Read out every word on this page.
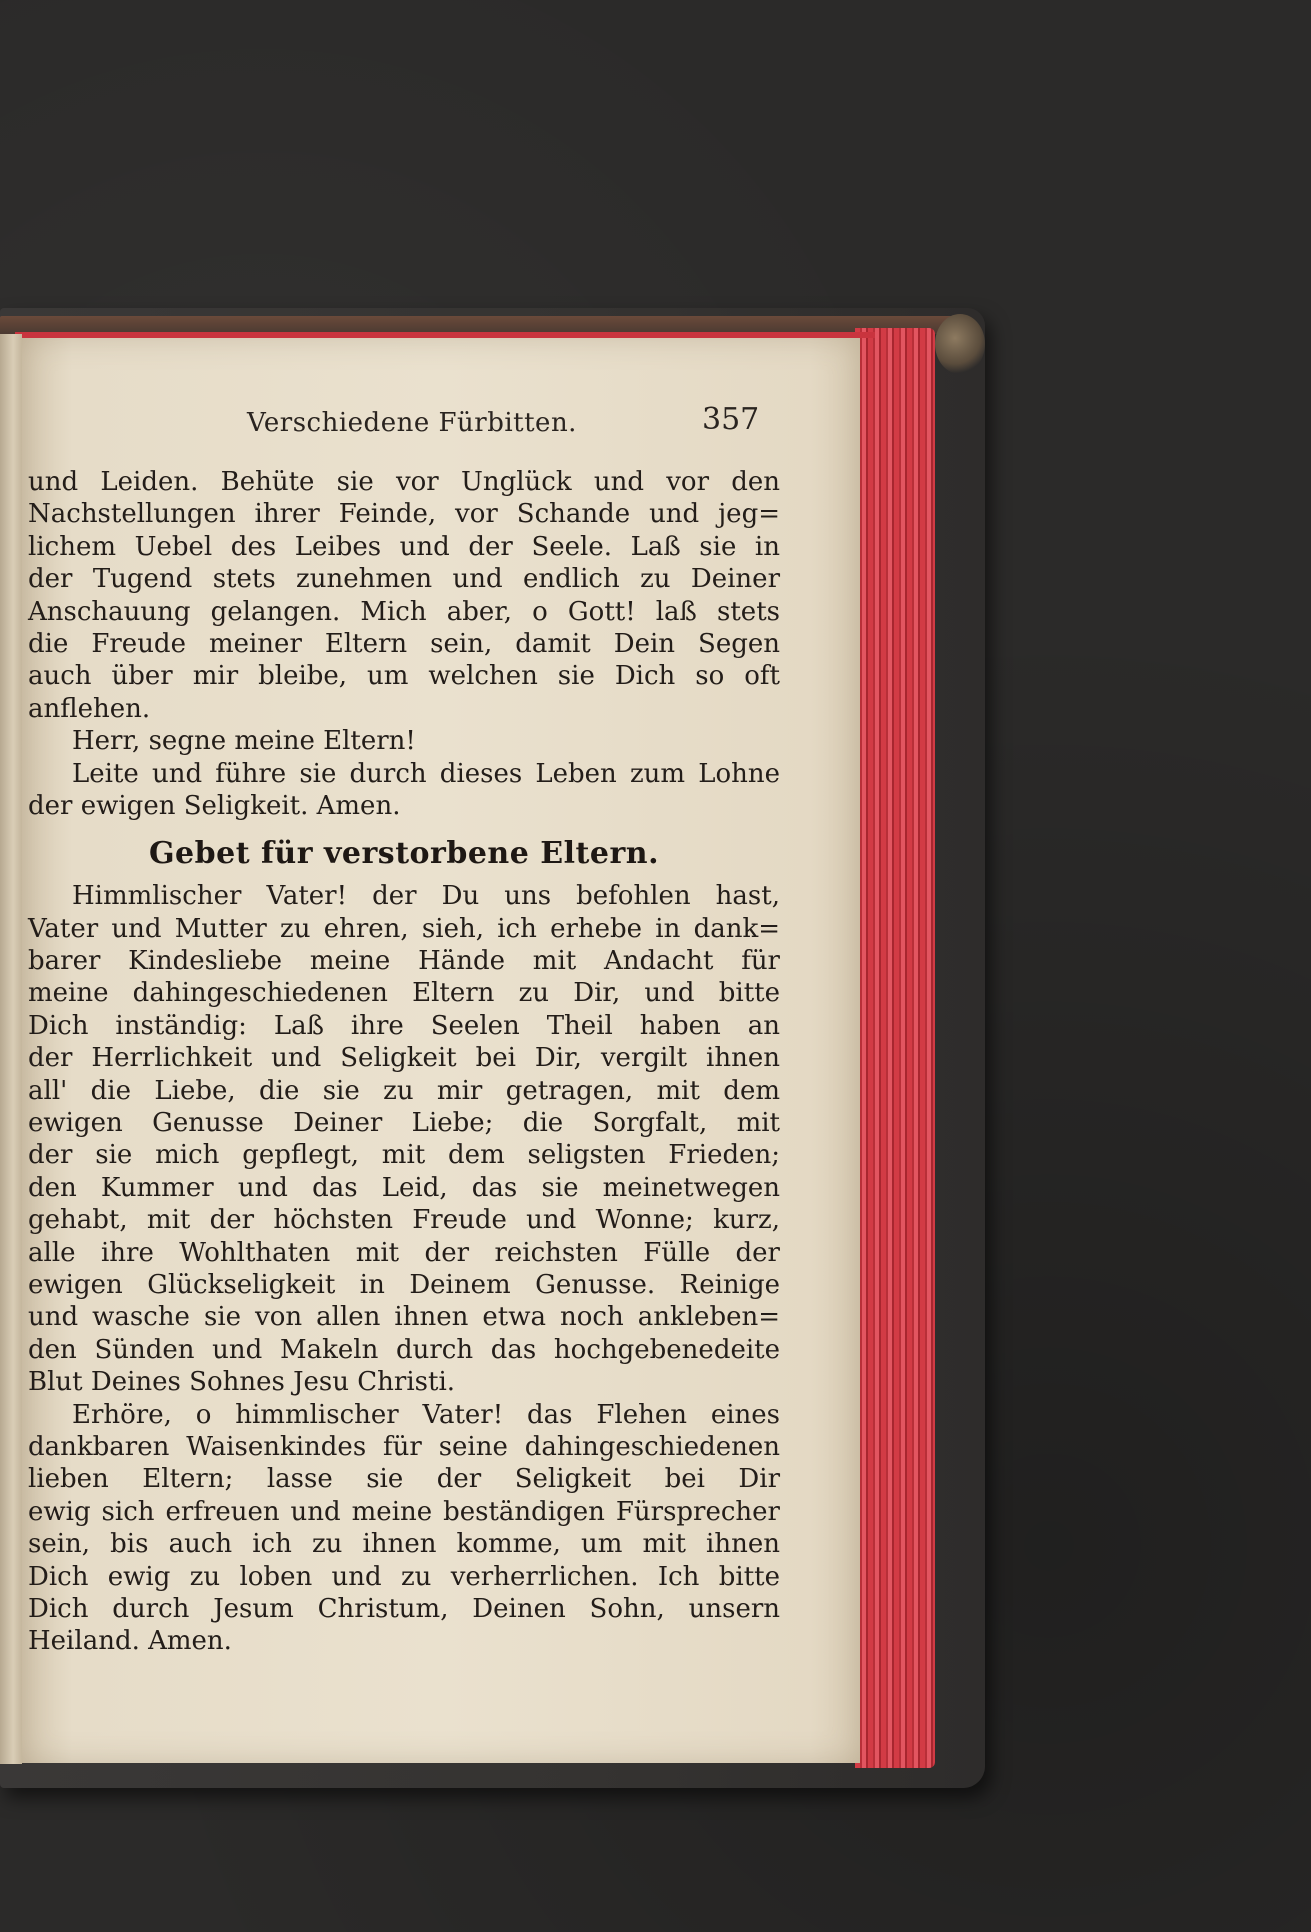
Verschiedene Fürbitten.	357
und Leiden. Behüte sie vor Unglück und vor den
Nachstellungen ihrer Feinde, vor Schande und jeg=
lichem Uebel des Leibes und der Seele. Laß sie in
der Tugend stets zunehmen und endlich zu Deiner
Anschauung gelangen. Mich aber, o Gott! laß stets
die Freude meiner Eltern sein, damit Dein Segen
auch über mir bleibe, um welchen sie Dich so oft
anflehen.
Herr, segne meine Eltern!
Leite und führe sie durch dieses Leben zum Lohne
der ewigen Seligkeit. Amen.
Gebet für verstorbene Eltern.
Himmlischer Vater! der Du uns befohlen hast,
Vater und Mutter zu ehren, sieh, ich erhebe in dank=
barer Kindesliebe meine Hände mit Andacht für
meine dahingeschiedenen Eltern zu Dir, und bitte
Dich inständig: Laß ihre Seelen Theil haben an
der Herrlichkeit und Seligkeit bei Dir, vergilt ihnen
all' die Liebe, die sie zu mir getragen, mit dem
ewigen Genusse Deiner Liebe; die Sorgfalt, mit
der sie mich gepflegt, mit dem seligsten Frieden;
den Kummer und das Leid, das sie meinetwegen
gehabt, mit der höchsten Freude und Wonne; kurz,
alle ihre Wohlthaten mit der reichsten Fülle der
ewigen Glückseligkeit in Deinem Genusse. Reinige
und wasche sie von allen ihnen etwa noch ankleben=
den Sünden und Makeln durch das hochgebenedeite
Blut Deines Sohnes Jesu Christi.
Erhöre, o himmlischer Vater! das Flehen eines
dankbaren Waisenkindes für seine dahingeschiedenen
lieben Eltern; lasse sie der Seligkeit bei Dir
ewig sich erfreuen und meine beständigen Fürsprecher
sein, bis auch ich zu ihnen komme, um mit ihnen
Dich ewig zu loben und zu verherrlichen. Ich bitte
Dich durch Jesum Christum, Deinen Sohn, unsern
Heiland. Amen.
